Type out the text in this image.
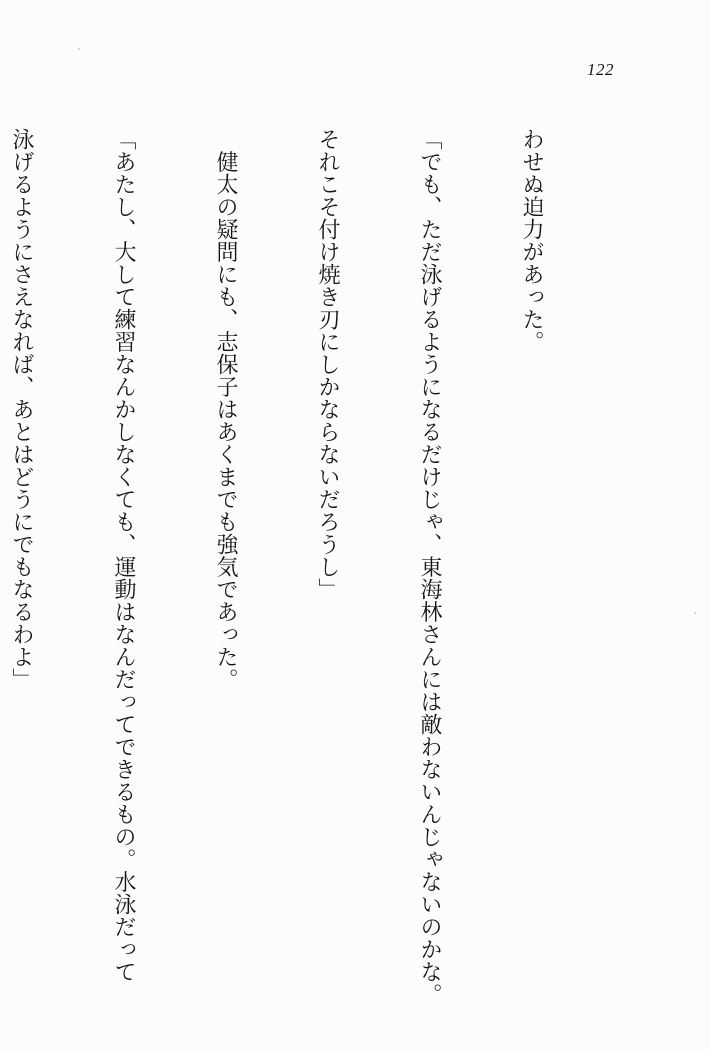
122

わせぬ迫力があった。

「でも、ただ泳げるようになるだけじゃ、東海林さんには敵わないんじゃないのかな。

それこそ付け焼き刃にしかならないだろうし」

　健太の疑問にも、志保子はあくまでも強気であった。

「あたし、大して練習なんかしなくても、運動はなんだってできるもの。水泳だって

泳げるようにさえなれば、あとはどうにでもなるわよ」
